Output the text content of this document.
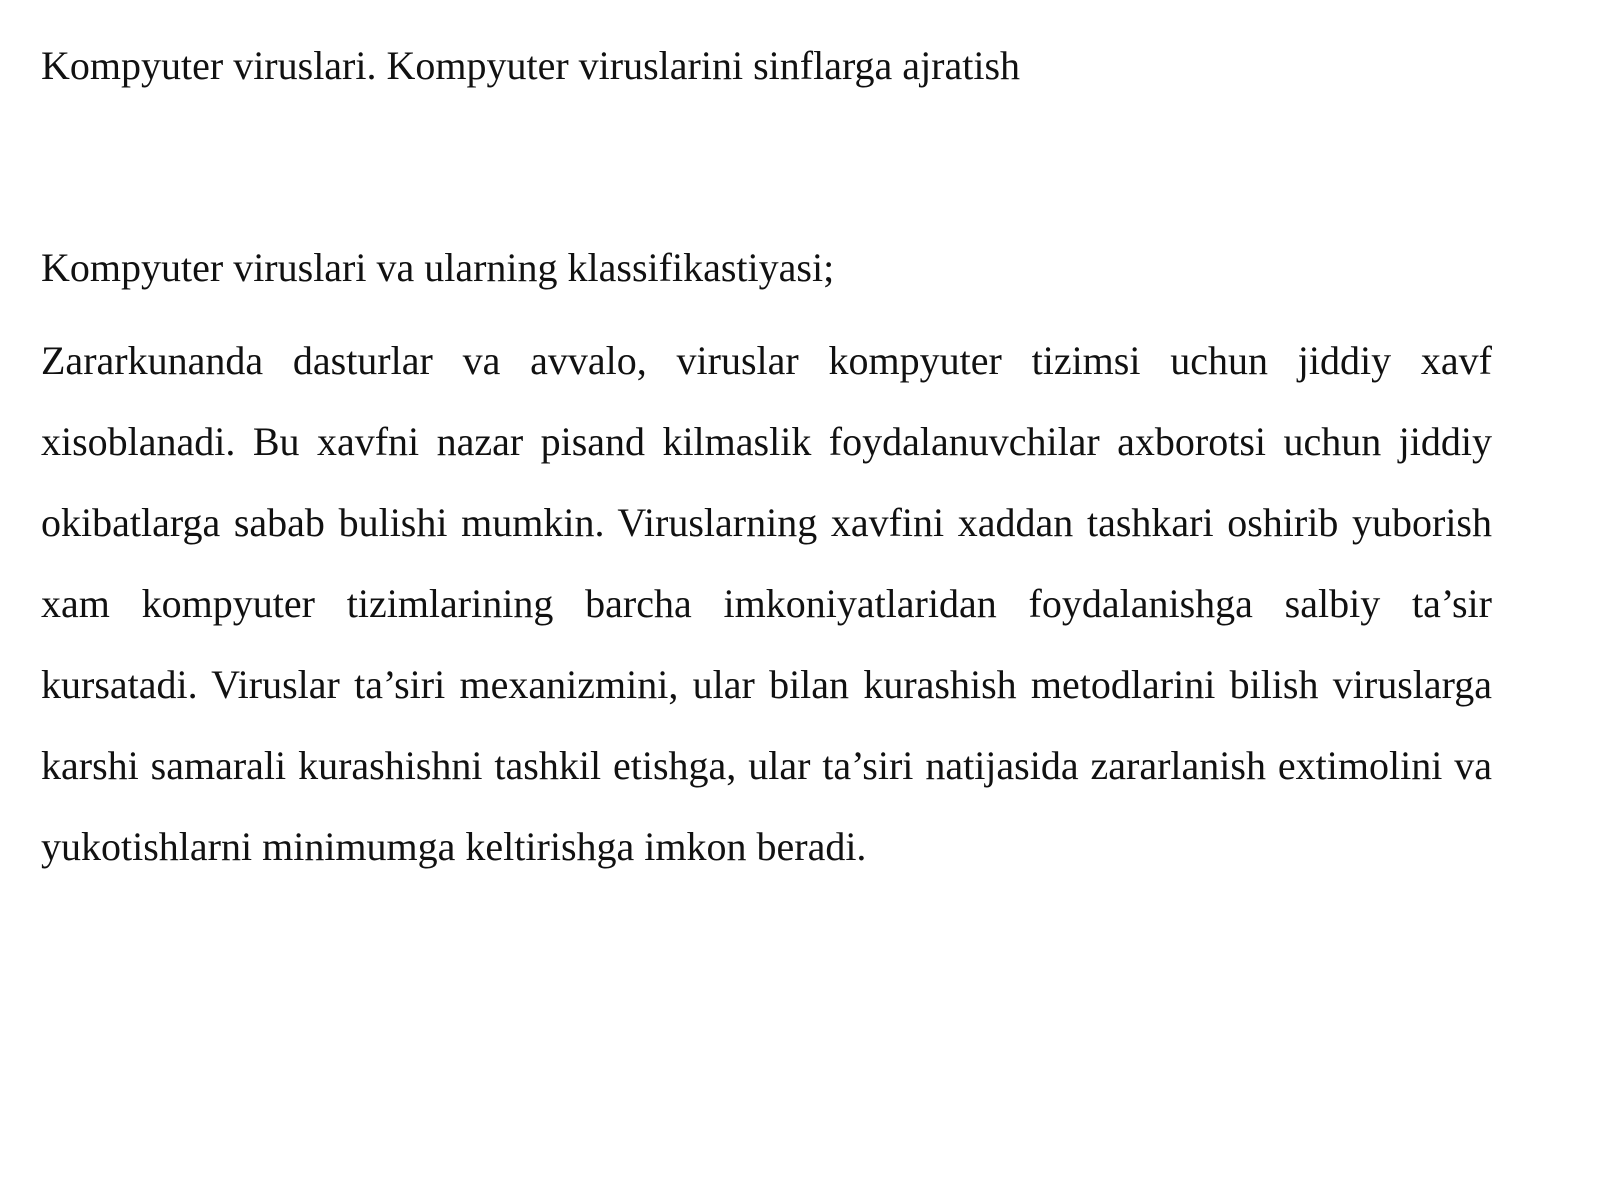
Kompyuter viruslari. Kompyuter viruslarini sinflarga ajratish
Kompyuter viruslari va ularning klassifikastiyasi;

Zararkunanda dasturlar va avvalo, viruslar kompyuter tizimsi uchun jiddiy xavf xisoblanadi. Bu xavfni nazar pisand kilmaslik foydalanuvchilar axborotsi uchun jiddiy okibatlarga sabab bulishi mumkin. Viruslarning xavfini xaddan tashkari oshirib yuborish xam kompyuter tizimlarining barcha imkoniyatlaridan foydalanishga salbiy ta’sir kursatadi. Viruslar ta’siri mexanizmini, ular bilan kurashish metodlarini bilish viruslarga karshi samarali kurashishni tashkil etishga, ular ta’siri natijasida zararlanish extimolini va yukotishlarni minimumga keltirishga imkon beradi.
